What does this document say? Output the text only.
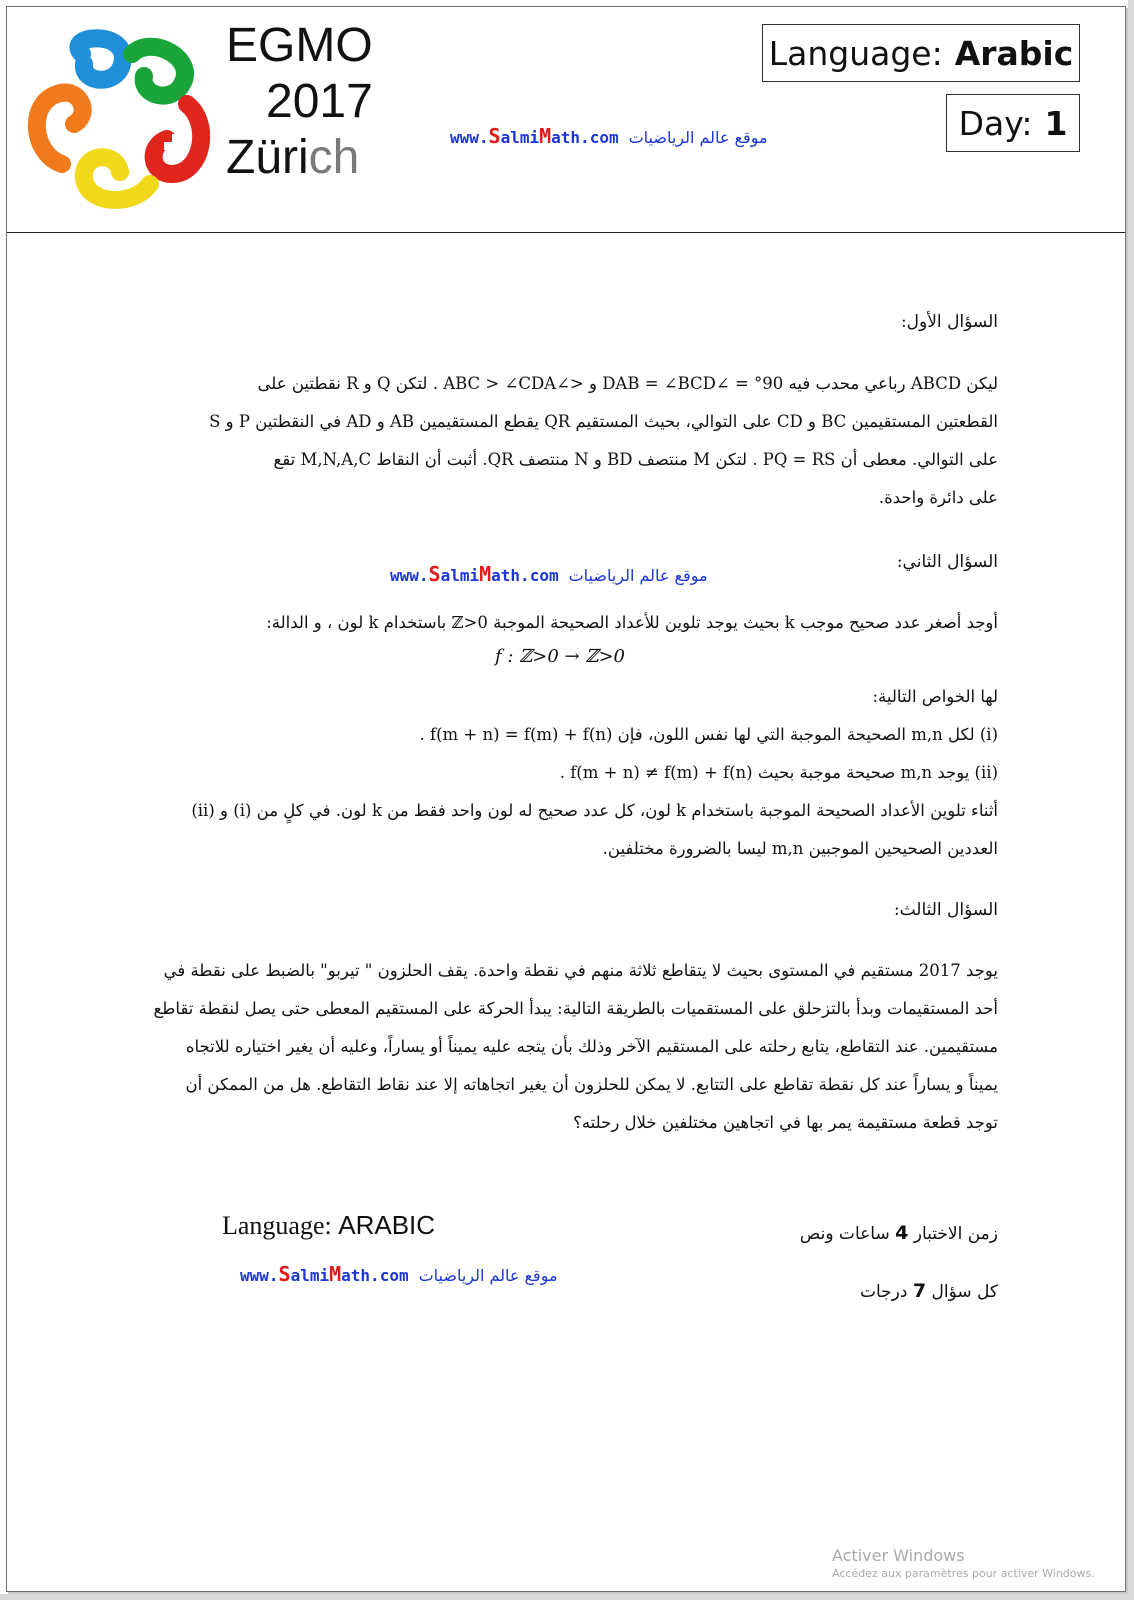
EGMO
2017
Zürich
Language: Arabic
Day: 1
www.SalmiMath.com موقع عالم الرياضيات
السؤال الأول:
ليكن ABCD رباعي محدب فيه 90° = ∠DAB = ∠BCD و <∠ABC > ∠CDA . لتكن Q و R نقطتين على
القطعتين المستقيمين BC و CD على التوالي، بحيث المستقيم QR يقطع المستقيمين AB و AD في النقطتين P و S
على التوالي. معطى أن PQ = RS . لتكن M منتصف BD و N منتصف QR. أثبت أن النقاط M,N,A,C تقع
على دائرة واحدة.
السؤال الثاني:
www.SalmiMath.com موقع عالم الرياضيات
أوجد أصغر عدد صحيح موجب k بحيث يوجد تلوين للأعداد الصحيحة الموجبة ℤ>0 باستخدام k لون ، و الدالة:
f : ℤ>0 → ℤ>0
لها الخواص التالية:
(i) لكل m,n الصحيحة الموجبة التي لها نفس اللون، فإن f(m + n) = f(m) + f(n) .
(ii) يوجد m,n صحيحة موجبة بحيث f(m + n) ≠ f(m) + f(n) .
أثناء تلوين الأعداد الصحيحة الموجبة باستخدام k لون، كل عدد صحيح له لون واحد فقط من k لون. في كلٍ من (i) و (ii)
العددين الصحيحين الموجبين m,n ليسا بالضرورة مختلفين.
السؤال الثالث:
يوجد 2017 مستقيم في المستوى بحيث لا يتقاطع ثلاثة منهم في نقطة واحدة. يقف الحلزون " تيربو" بالضبط على نقطة في
أحد المستقيمات وبدأ بالتزحلق على المستقميات بالطريقة التالية: يبدأ الحركة على المستقيم المعطى حتى يصل لنقطة تقاطع
مستقيمين. عند التقاطع، يتابع رحلته على المستقيم الآخر وذلك بأن يتجه عليه يميناً أو يساراً، وعليه أن يغير اختياره للاتجاه
يميناً و يساراً عند كل نقطة تقاطع على التتابع. لا يمكن للحلزون أن يغير اتجاهاته إلا عند نقاط التقاطع. هل من الممكن أن
توجد قطعة مستقيمة يمر بها في اتجاهين مختلفين خلال رحلته؟
Language: ARABIC
www.SalmiMath.com موقع عالم الرياضيات
زمن الاختبار 4 ساعات ونص
كل سؤال 7 درجات
Activer Windows
Accédez aux paramètres pour activer Windows.
